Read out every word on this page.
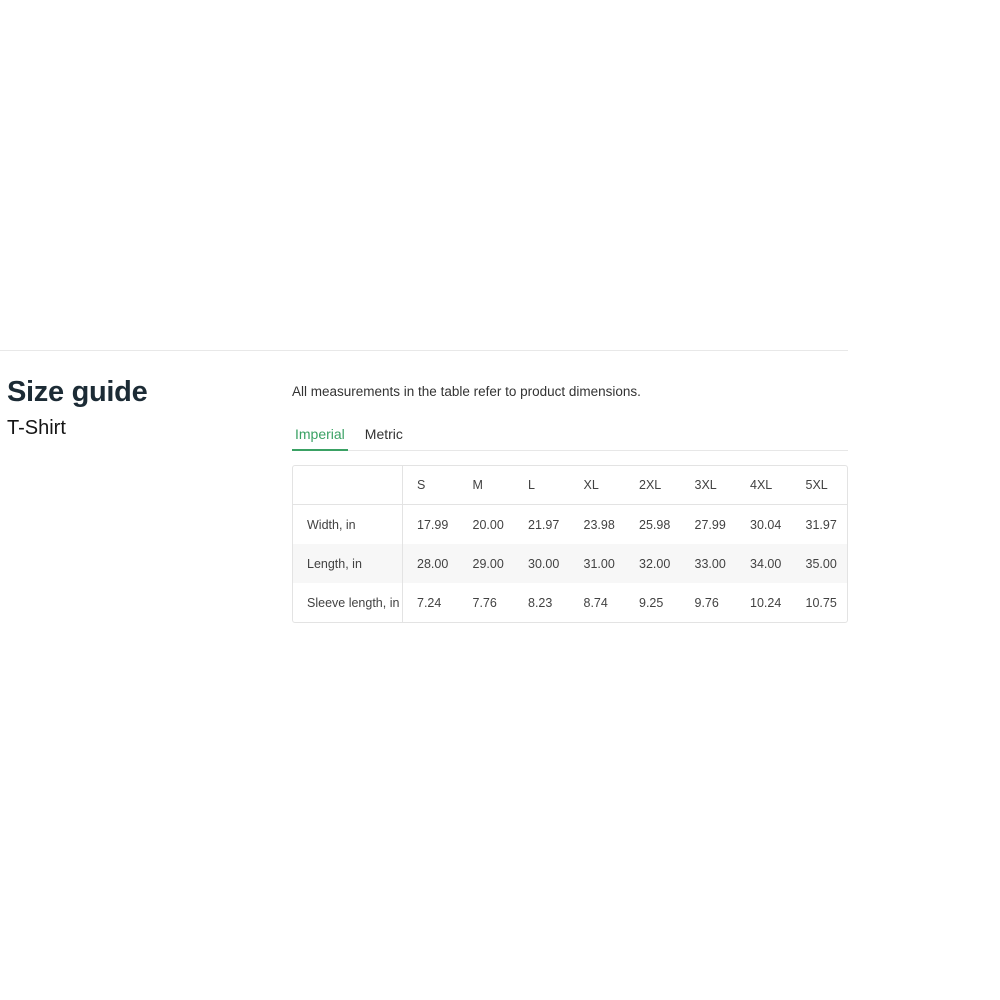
Size guide
T-Shirt
All measurements in the table refer to product dimensions.
Imperial Metric
	S	M	L	XL	2XL	3XL	4XL	5XL
Width, in	17.99	20.00	21.97	23.98	25.98	27.99	30.04	31.97
Length, in	28.00	29.00	30.00	31.00	32.00	33.00	34.00	35.00
Sleeve length, in	7.24	7.76	8.23	8.74	9.25	9.76	10.24	10.75
